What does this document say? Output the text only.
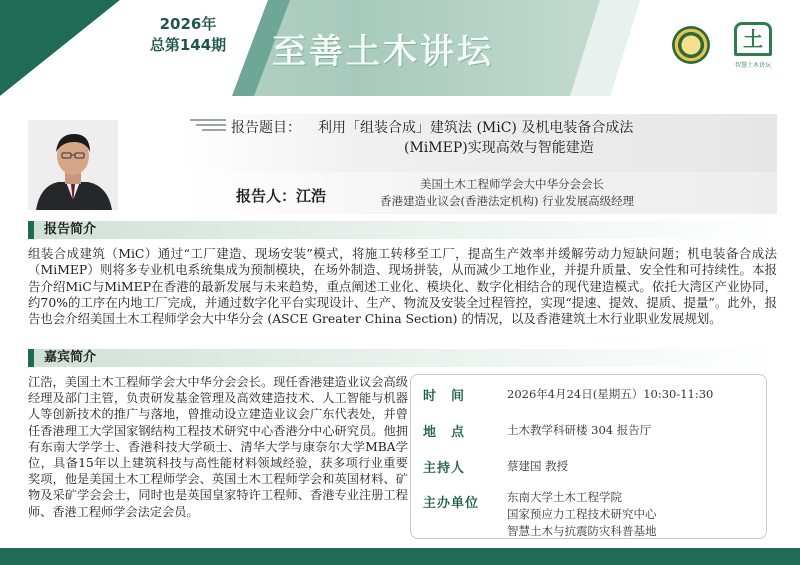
2026年
总第144期	至善土木讲坛	土
智慧土木讲坛
报告题目： 利用「组装合成」建筑法 (MiC) 及机电装备合成法
(MiMEP)实现高效与智能建造
报告人：江浩
美国土木工程师学会大中华分会会长
香港建造业议会(香港法定机构) 行业发展高级经理
报告简介
组装合成建筑（MiC）通过“工厂建造、现场安装”模式，将施工转移至工厂，提高生产效率并缓解劳动力短缺问题；机电装备合成法（MiMEP）则将多专业机电系统集成为预制模块，在场外制造、现场拼装，从而减少工地作业，并提升质量、安全性和可持续性。本报告介绍MiC与MiMEP在香港的最新发展与未来趋势，重点阐述工业化、模块化、数字化相结合的现代建造模式。依托大湾区产业协同，约70%的工序在内地工厂完成，并通过数字化平台实现设计、生产、物流及安装全过程管控，实现“提速、提效、提质、提量”。此外，报告也会介绍美国土木工程师学会大中华分会 (ASCE Greater China Section) 的情况，以及香港建筑土木行业职业发展规划。
嘉宾简介
江浩，美国土木工程师学会大中华分会会长。现任香港建造业议会高级经理及部门主管，负责研发基金管理及高效建造技术、人工智能与机器人等创新技术的推广与落地，曾推动设立建造业议会广东代表处，并曾任香港理工大学国家钢结构工程技术研究中心香港分中心研究员。他拥有东南大学学士、香港科技大学硕士、清华大学与康奈尔大学MBA学位，具备15年以上建筑科技与高性能材料领域经验，获多项行业重要奖项，他是美国土木工程师学会、英国土木工程师学会和英国材料、矿物及采矿学会会士，同时也是英国皇家特许工程师、香港专业注册工程师、香港工程师学会法定会员。
时　间	2026年4月24日(星期五）10:30-11:30
地　点	土木教学科研楼 304 报告厅
主持人	蔡建国 教授
主办单位 东南大学土木工程学院
国家预应力工程技术研究中心
智慧土木与抗震防灾科普基地
